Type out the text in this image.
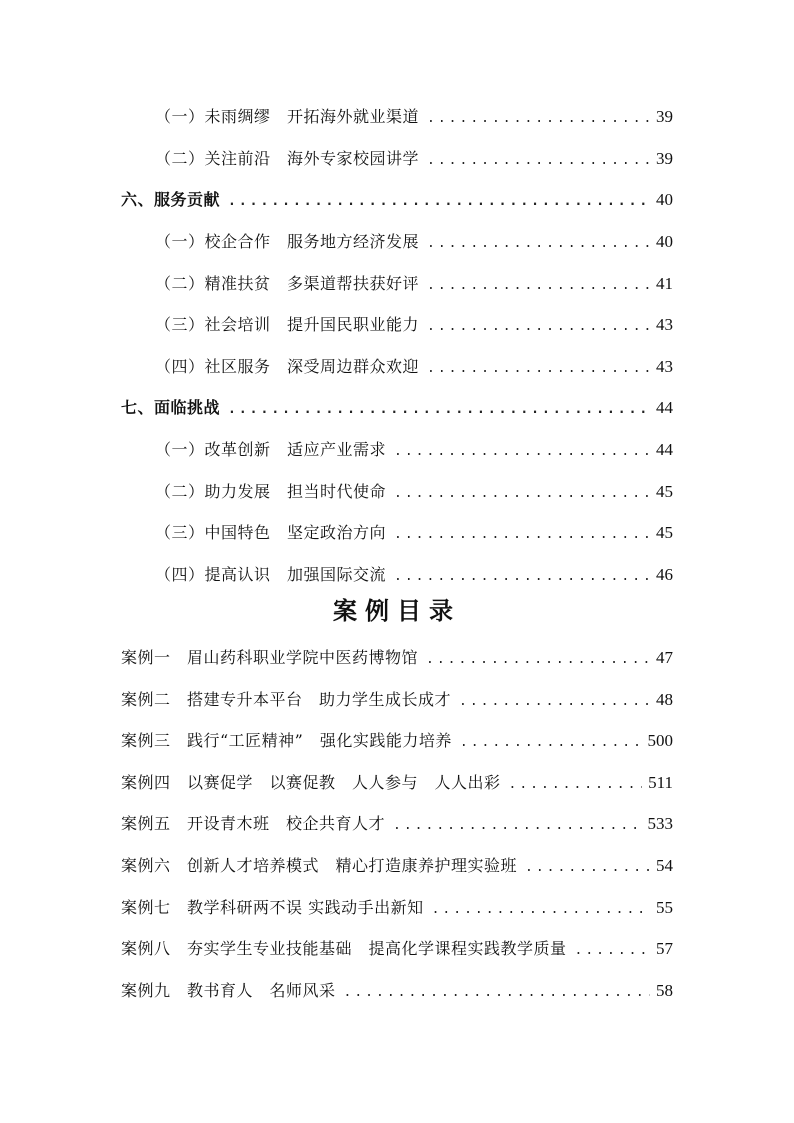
（一）未雨绸缪　开拓海外就业渠道 .....	39
（二）关注前沿　海外专家校园讲学 .....	39
六、服务贡献 .....	40
（一）校企合作　服务地方经济发展 .....	40
（二）精准扶贫　多渠道帮扶获好评 .....	41
（三）社会培训　提升国民职业能力 .....	43
（四）社区服务　深受周边群众欢迎 .....	43
七、面临挑战 .....	44
（一）改革创新　适应产业需求 .....	44
（二）助力发展　担当时代使命 .....	45
（三）中国特色　坚定政治方向 .....	45
（四）提高认识　加强国际交流 .....	46
案例目录
案例一　眉山药科职业学院中医药博物馆 .....	47
案例二　搭建专升本平台　助力学生成长成才 .....	48
案例三　践行“工匠精神”　强化实践能力培养 .....	500
案例四　以赛促学　以赛促教　人人参与　人人出彩 .....	511
案例五　开设青木班　校企共育人才 .....	533
案例六　创新人才培养模式　精心打造康养护理实验班 .....	54
案例七　教学科研两不误 实践动手出新知 .....	55
案例八　夯实学生专业技能基础　提高化学课程实践教学质量 .....	57
案例九　教书育人　名师风采 .....	58
